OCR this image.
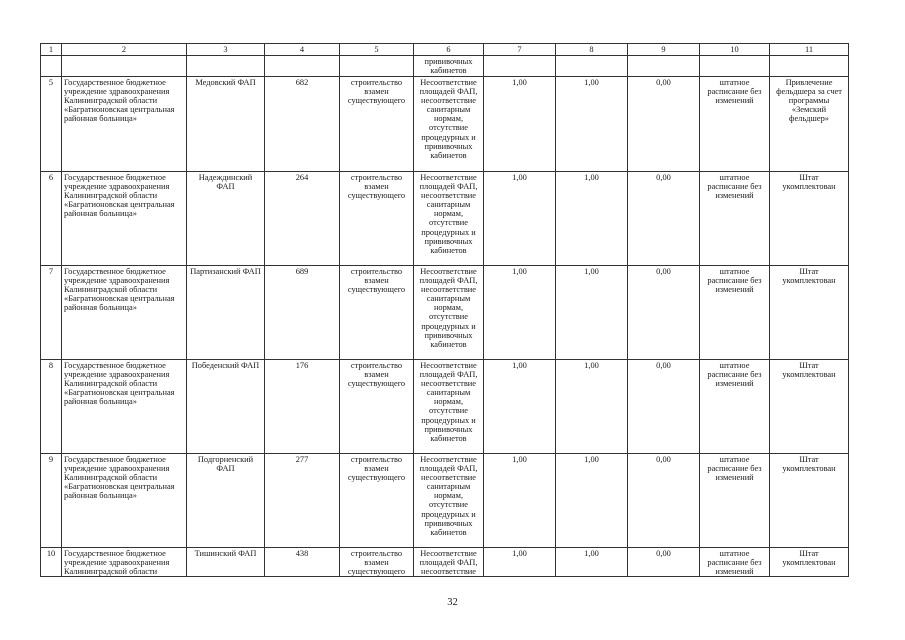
1	2	3	4	5	6	7	8	9	10	11
					прививочных кабинетов					
5	Государственное бюджетное учреждение здравоохранения Калининградской области «Багратионовская центральная районная больница»	Медовский ФАП	682	строительство взамен существующего	Несоответствие площадей ФАП, несоответствие санитарным нормам, отсутствие процедурных и прививочных кабинетов	1,00	1,00	0,00	штатное расписание без изменений	Привлечение фельдшера за счет программы «Земский фельдшер»
6	Государственное бюджетное учреждение здравоохранения Калининградской области «Багратионовская центральная районная больница»	Надеждинский ФАП	264	строительство взамен существующего	Несоответствие площадей ФАП, несоответствие санитарным нормам, отсутствие процедурных и прививочных кабинетов	1,00	1,00	0,00	штатное расписание без изменений	Штат укомплектован
7	Государственное бюджетное учреждение здравоохранения Калининградской области «Багратионовская центральная районная больница»	Партизанский ФАП	689	строительство взамен существующего	Несоответствие площадей ФАП, несоответствие санитарным нормам, отсутствие процедурных и прививочных кабинетов	1,00	1,00	0,00	штатное расписание без изменений	Штат укомплектован
8	Государственное бюджетное учреждение здравоохранения Калининградской области «Багратионовская центральная районная больница»	Победенский ФАП	176	строительство взамен существующего	Несоответствие площадей ФАП, несоответствие санитарным нормам, отсутствие процедурных и прививочных кабинетов	1,00	1,00	0,00	штатное расписание без изменений	Штат укомплектован
9	Государственное бюджетное учреждение здравоохранения Калининградской области «Багратионовская центральная районная больница»	Подгорненский ФАП	277	строительство взамен существующего	Несоответствие площадей ФАП, несоответствие санитарным нормам, отсутствие процедурных и прививочных кабинетов	1,00	1,00	0,00	штатное расписание без изменений	Штат укомплектован
10	Государственное бюджетное учреждение здравоохранения Калининградской области	Тишинский ФАП	438	строительство взамен существующего	Несоответствие площадей ФАП, несоответствие	1,00	1,00	0,00	штатное расписание без изменений	Штат укомплектован
32
